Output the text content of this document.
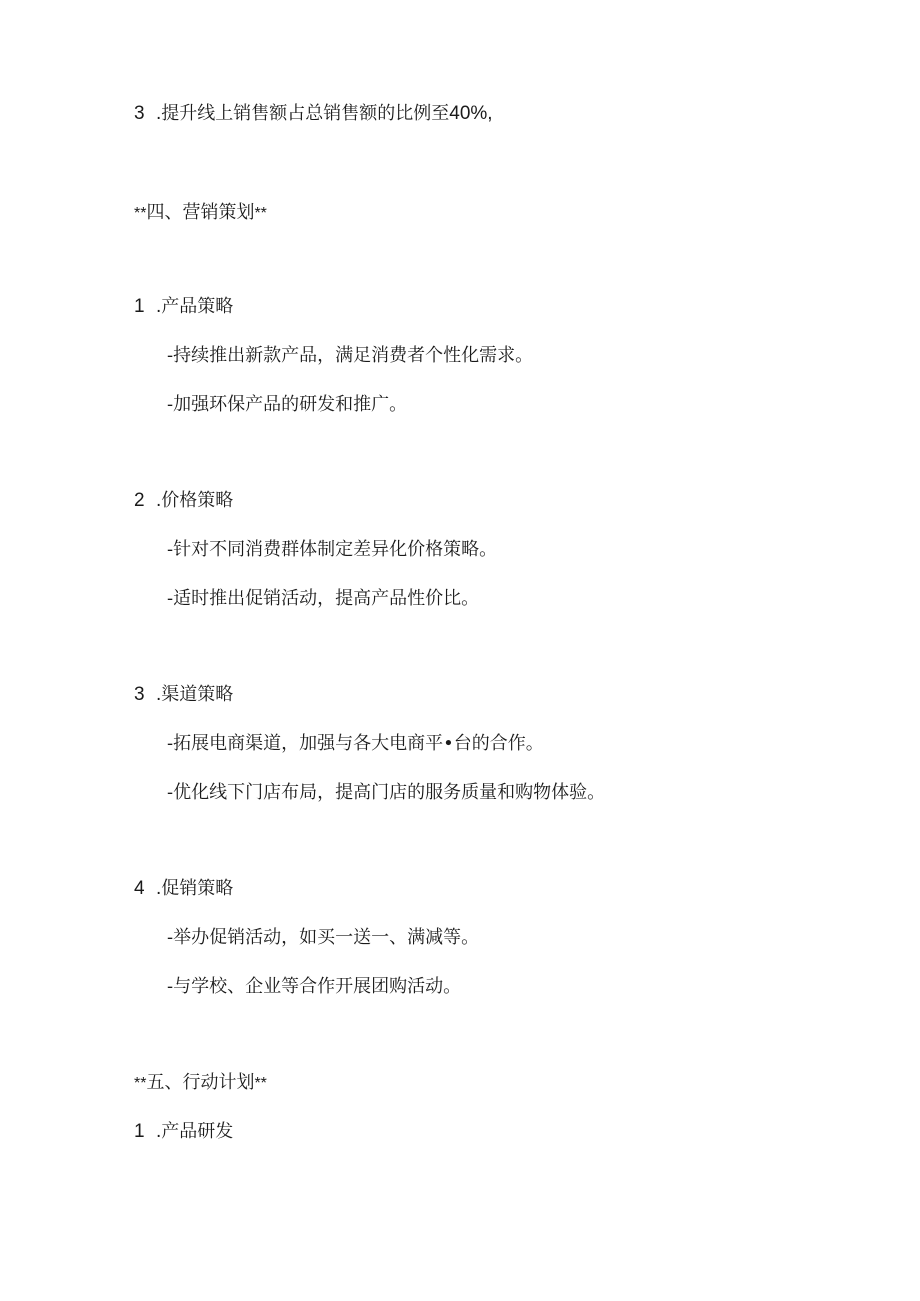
3 .提升线上销售额占总销售额的比例至40%,
**四、营销策划**
1 .产品策略
-持续推出新款产品，满足消费者个性化需求。
-加强环保产品的研发和推广。
2 .价格策略
-针对不同消费群体制定差异化价格策略。
-适时推出促销活动，提高产品性价比。
3 .渠道策略
-拓展电商渠道，加强与各大电商平•台的合作。
-优化线下门店布局，提高门店的服务质量和购物体验。
4 .促销策略
-举办促销活动，如买一送一、满减等。
-与学校、企业等合作开展团购活动。
**五、行动计划**
1 .产品研发
